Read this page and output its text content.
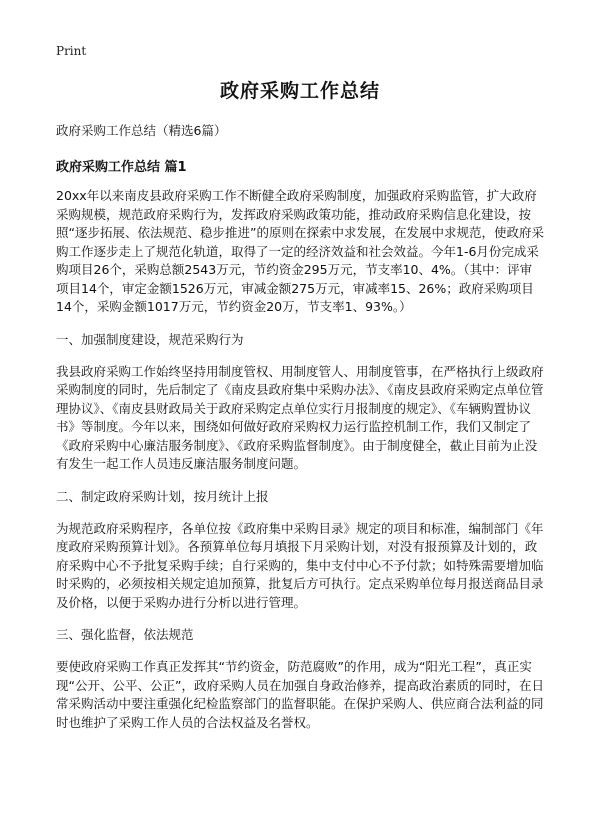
Print
政府采购工作总结
政府采购工作总结（精选6篇）
政府采购工作总结 篇1

20xx年以来南皮县政府采购工作不断健全政府采购制度，加强政府采购监管，扩大政府采购规模，规范政府采购行为，发挥政府采购政策功能，推动政府采购信息化建设，按照“逐步拓展、依法规范、稳步推进”的原则在探索中求发展，在发展中求规范，使政府采购工作逐步走上了规范化轨道，取得了一定的经济效益和社会效益。今年1-6月份完成采购项目26个，采购总额2543万元，节约资金295万元，节支率10、4%。（其中：评审项目14个，审定金额1526万元，审减金额275万元，审减率15、26%；政府采购项目14个，采购金额1017万元，节约资金20万，节支率1、93%。）

一、加强制度建设，规范采购行为

我县政府采购工作始终坚持用制度管权、用制度管人、用制度管事，在严格执行上级政府采购制度的同时，先后制定了《南皮县政府集中采购办法》、《南皮县政府采购定点单位管理协议》、《南皮县财政局关于政府采购定点单位实行月报制度的规定》、《车辆购置协议书》等制度。今年以来，围绕如何做好政府采购权力运行监控机制工作，我们又制定了《政府采购中心廉洁服务制度》、《政府采购监督制度》。由于制度健全，截止目前为止没有发生一起工作人员违反廉洁服务制度问题。

二、制定政府采购计划，按月统计上报

为规范政府采购程序，各单位按《政府集中采购目录》规定的项目和标准，编制部门《年度政府采购预算计划》。各预算单位每月填报下月采购计划，对没有报预算及计划的，政府采购中心不予批复采购手续；自行采购的，集中支付中心不予付款；如特殊需要增加临时采购的，必须按相关规定追加预算，批复后方可执行。定点采购单位每月报送商品目录及价格，以便于采购办进行分析以进行管理。

三、强化监督，依法规范

要使政府采购工作真正发挥其“节约资金，防范腐败”的作用，成为“阳光工程”，真正实现“公开、公平、公正”，政府采购人员在加强自身政治修养，提高政治素质的同时，在日常采购活动中要注重强化纪检监察部门的监督职能。在保护采购人、供应商合法利益的同时也维护了采购工作人员的合法权益及名誉权。
